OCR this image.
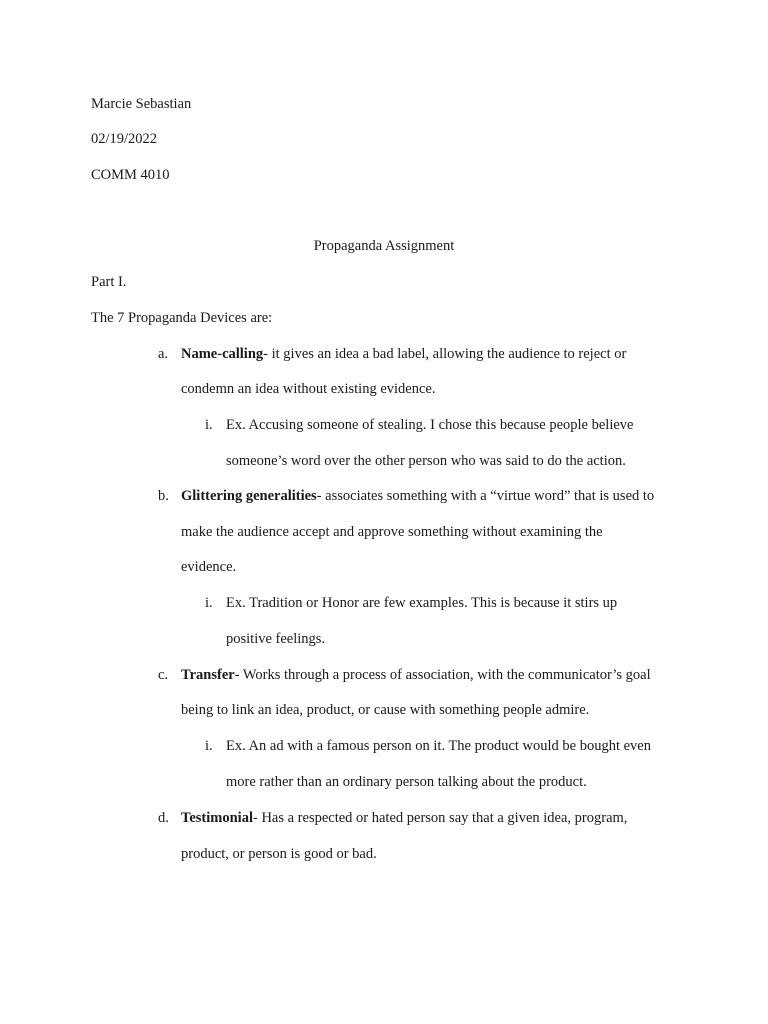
Marcie Sebastian
02/19/2022
COMM 4010
Propaganda Assignment
Part I.
The 7 Propaganda Devices are:
a. Name-calling- it gives an idea a bad label, allowing the audience to reject or
condemn an idea without existing evidence.
i. Ex. Accusing someone of stealing. I chose this because people believe
someone’s word over the other person who was said to do the action.
b. Glittering generalities- associates something with a “virtue word” that is used to
make the audience accept and approve something without examining the
evidence.
i. Ex. Tradition or Honor are few examples. This is because it stirs up
positive feelings.
c. Transfer- Works through a process of association, with the communicator’s goal
being to link an idea, product, or cause with something people admire.
i. Ex. An ad with a famous person on it. The product would be bought even
more rather than an ordinary person talking about the product.
d. Testimonial- Has a respected or hated person say that a given idea, program,
product, or person is good or bad.
